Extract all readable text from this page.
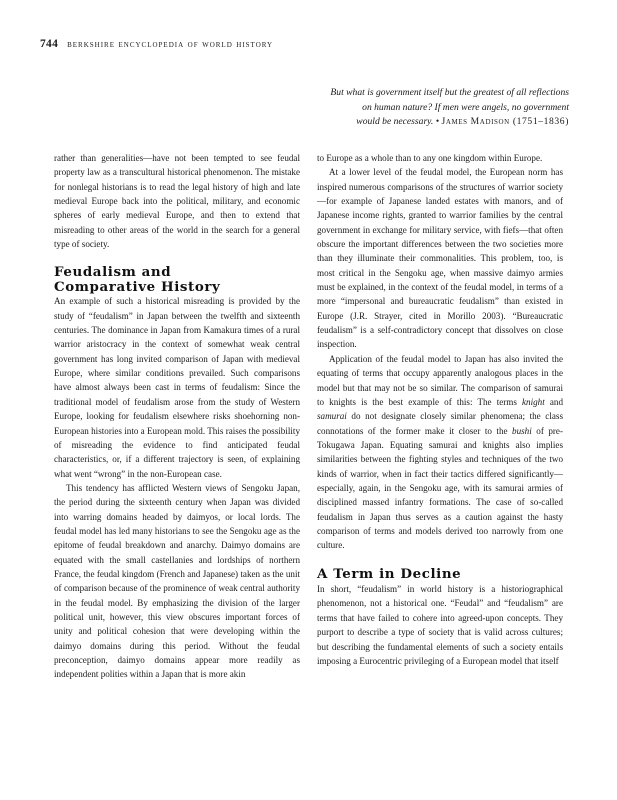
744 berkshire encyclopedia of world history
But what is government itself but the greatest of all reflections
on human nature? If men were angels, no government
would be necessary. • James Madison (1751–1836)

rather than generalities—have not been tempted to see feudal property law as a transcultural historical phenomenon. The mistake for nonlegal historians is to read the legal history of high and late medieval Europe back into the political, military, and economic spheres of early medieval Europe, and then to extend that misreading to other areas of the world in the search for a general type of society.

Feudalism and
Comparative History

An example of such a historical misreading is provided by the study of “feudalism” in Japan between the twelfth and sixteenth centuries. The dominance in Japan from Kamakura times of a rural warrior aristocracy in the context of somewhat weak central government has long invited comparison of Japan with medieval Europe, where similar conditions prevailed. Such comparisons have almost always been cast in terms of feudalism: Since the traditional model of feudalism arose from the study of Western Europe, looking for feudalism elsewhere risks shoehorning non-European histories into a European mold. This raises the possibility of misreading the evidence to find anticipated feudal characteristics, or, if a different trajectory is seen, of explaining what went “wrong” in the non-European case.

This tendency has afflicted Western views of Sengoku Japan, the period during the sixteenth century when Japan was divided into warring domains headed by daimyos, or local lords. The feudal model has led many historians to see the Sengoku age as the epitome of feudal breakdown and anarchy. Daimyo domains are equated with the small castellanies and lordships of northern France, the feudal kingdom (French and Japanese) taken as the unit of comparison because of the prominence of weak central authority in the feudal model. By emphasizing the division of the larger political unit, however, this view obscures important forces of unity and political cohesion that were developing within the daimyo domains during this period. Without the feudal preconception, daimyo domains appear more readily as independent polities within a Japan that is more akin

to Europe as a whole than to any one kingdom within Europe.

At a lower level of the feudal model, the European norm has inspired numerous comparisons of the structures of warrior society—for example of Japanese landed estates with manors, and of Japanese income rights, granted to warrior families by the central government in exchange for military service, with fiefs—that often obscure the important differences between the two societies more than they illuminate their commonalities. This problem, too, is most critical in the Sengoku age, when massive daimyo armies must be explained, in the context of the feudal model, in terms of a more “impersonal and bureaucratic feudalism” than existed in Europe (J.R. Strayer, cited in Morillo 2003). “Bureaucratic feudalism” is a self-contradictory concept that dissolves on close inspection.

Application of the feudal model to Japan has also invited the equating of terms that occupy apparently analogous places in the model but that may not be so similar. The comparison of samurai to knights is the best example of this: The terms knight and samurai do not designate closely similar phenomena; the class connotations of the former make it closer to the bushi of pre-Tokugawa Japan. Equating samurai and knights also implies similarities between the fighting styles and techniques of the two kinds of warrior, when in fact their tactics differed significantly—especially, again, in the Sengoku age, with its samurai armies of disciplined massed infantry formations. The case of so-called feudalism in Japan thus serves as a caution against the hasty comparison of terms and models derived too narrowly from one culture.

A Term in Decline

In short, “feudalism” in world history is a historiographical phenomenon, not a historical one. “Feudal” and “feudalism” are terms that have failed to cohere into agreed-upon concepts. They purport to describe a type of society that is valid across cultures; but describing the fundamental elements of such a society entails imposing a Eurocentric privileging of a European model that itself
